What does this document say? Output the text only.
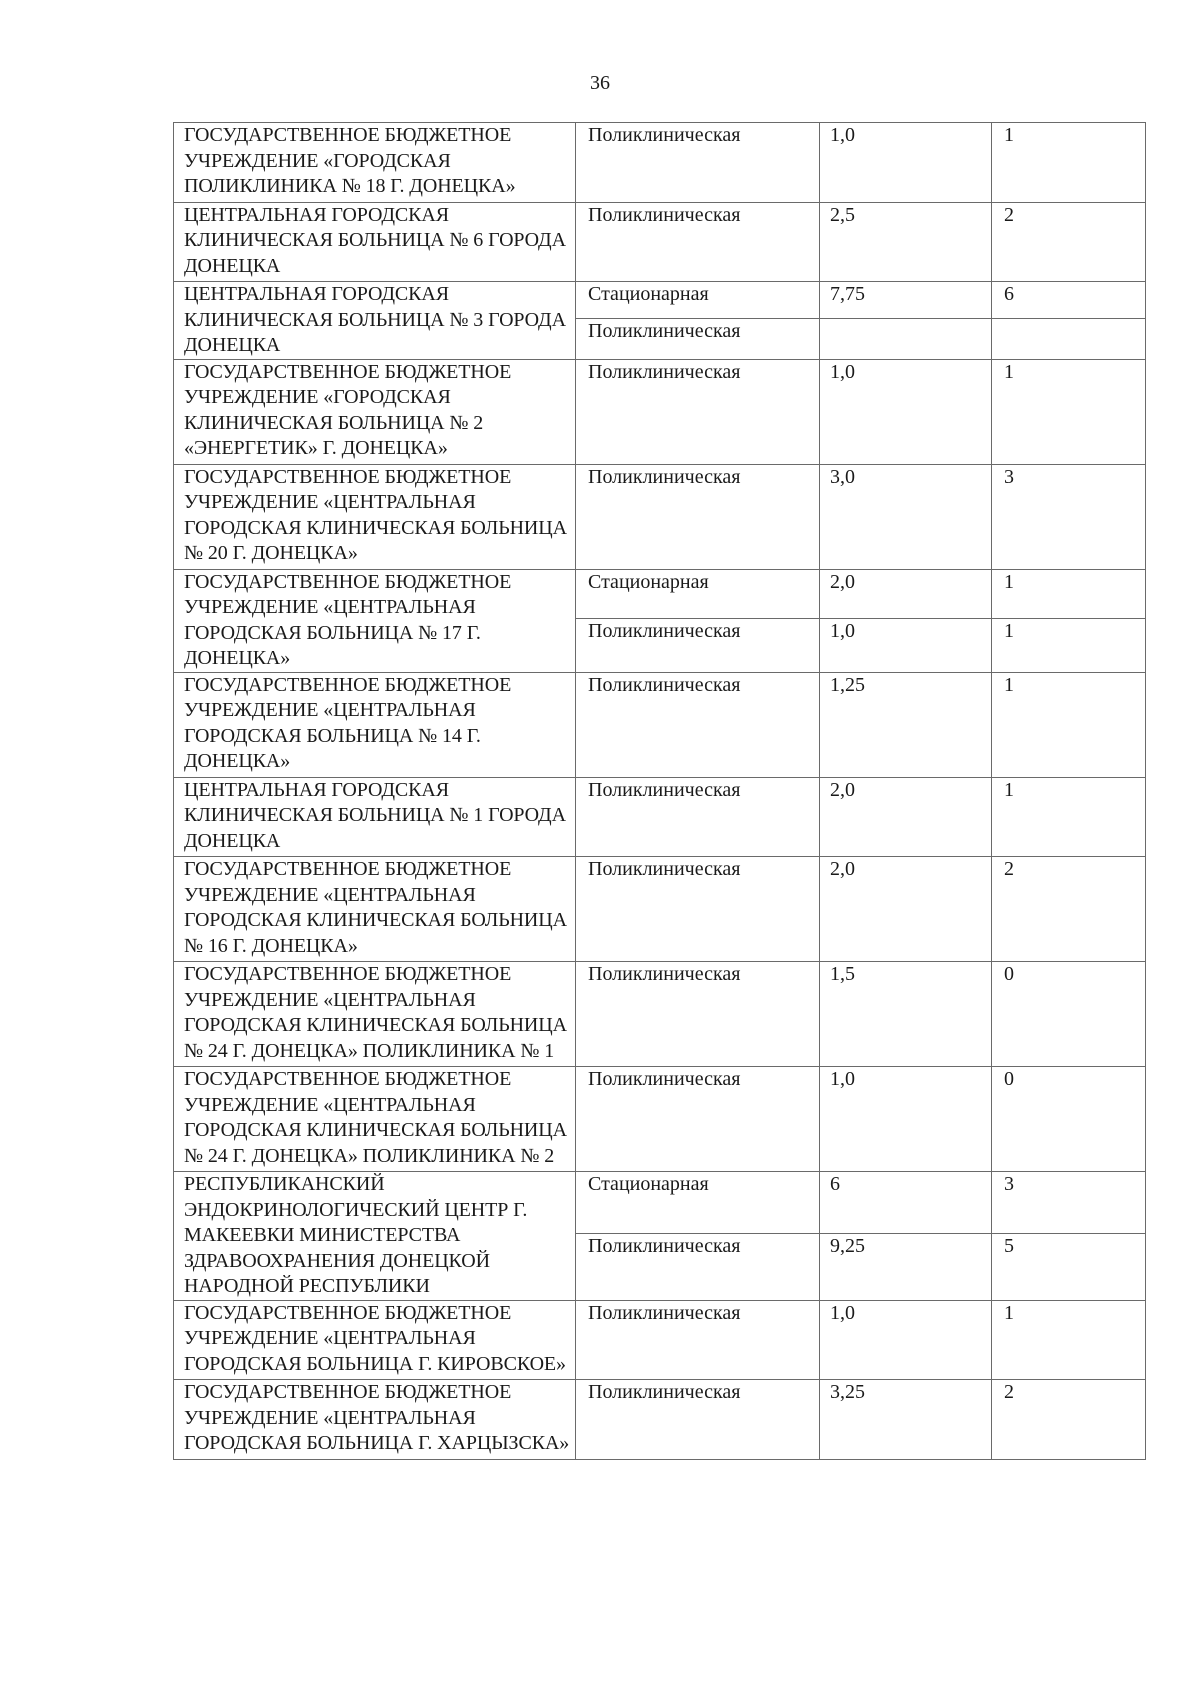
36
ГОСУДАРСТВЕННОЕ БЮДЖЕТНОЕ УЧРЕЖДЕНИЕ «ГОРОДСКАЯ ПОЛИКЛИНИКА № 18 Г. ДОНЕЦКА»	Поликлиническая	1,0	1
ЦЕНТРАЛЬНАЯ ГОРОДСКАЯ КЛИНИЧЕСКАЯ БОЛЬНИЦА № 6 ГОРОДА ДОНЕЦКА	Поликлиническая	2,5	2
ЦЕНТРАЛЬНАЯ ГОРОДСКАЯ КЛИНИЧЕСКАЯ БОЛЬНИЦА № 3 ГОРОДА ДОНЕЦКА	Стационарная	7,75	6
	Поликлиническая		
ГОСУДАРСТВЕННОЕ БЮДЖЕТНОЕ УЧРЕЖДЕНИЕ «ГОРОДСКАЯ КЛИНИЧЕСКАЯ БОЛЬНИЦА № 2 «ЭНЕРГЕТИК» Г. ДОНЕЦКА»	Поликлиническая	1,0	1
ГОСУДАРСТВЕННОЕ БЮДЖЕТНОЕ УЧРЕЖДЕНИЕ «ЦЕНТРАЛЬНАЯ ГОРОДСКАЯ КЛИНИЧЕСКАЯ БОЛЬНИЦА № 20 Г. ДОНЕЦКА»	Поликлиническая	3,0	3
ГОСУДАРСТВЕННОЕ БЮДЖЕТНОЕ УЧРЕЖДЕНИЕ «ЦЕНТРАЛЬНАЯ ГОРОДСКАЯ БОЛЬНИЦА № 17 Г. ДОНЕЦКА»	Стационарная	2,0	1
	Поликлиническая	1,0	1
ГОСУДАРСТВЕННОЕ БЮДЖЕТНОЕ УЧРЕЖДЕНИЕ «ЦЕНТРАЛЬНАЯ ГОРОДСКАЯ БОЛЬНИЦА № 14 Г. ДОНЕЦКА»	Поликлиническая	1,25	1
ЦЕНТРАЛЬНАЯ ГОРОДСКАЯ КЛИНИЧЕСКАЯ БОЛЬНИЦА № 1 ГОРОДА ДОНЕЦКА	Поликлиническая	2,0	1
ГОСУДАРСТВЕННОЕ БЮДЖЕТНОЕ УЧРЕЖДЕНИЕ «ЦЕНТРАЛЬНАЯ ГОРОДСКАЯ КЛИНИЧЕСКАЯ БОЛЬНИЦА № 16 Г. ДОНЕЦКА»	Поликлиническая	2,0	2
ГОСУДАРСТВЕННОЕ БЮДЖЕТНОЕ УЧРЕЖДЕНИЕ «ЦЕНТРАЛЬНАЯ ГОРОДСКАЯ КЛИНИЧЕСКАЯ БОЛЬНИЦА № 24 Г. ДОНЕЦКА» ПОЛИКЛИНИКА № 1	Поликлиническая	1,5	0
ГОСУДАРСТВЕННОЕ БЮДЖЕТНОЕ УЧРЕЖДЕНИЕ «ЦЕНТРАЛЬНАЯ ГОРОДСКАЯ КЛИНИЧЕСКАЯ БОЛЬНИЦА № 24 Г. ДОНЕЦКА» ПОЛИКЛИНИКА № 2	Поликлиническая	1,0	0
РЕСПУБЛИКАНСКИЙ ЭНДОКРИНОЛОГИЧЕСКИЙ ЦЕНТР Г. МАКЕЕВКИ МИНИСТЕРСТВА ЗДРАВООХРАНЕНИЯ ДОНЕЦКОЙ НАРОДНОЙ РЕСПУБЛИКИ	Стационарная	6	3
	Поликлиническая	9,25	5
ГОСУДАРСТВЕННОЕ БЮДЖЕТНОЕ УЧРЕЖДЕНИЕ «ЦЕНТРАЛЬНАЯ ГОРОДСКАЯ БОЛЬНИЦА Г. КИРОВСКОЕ»	Поликлиническая	1,0	1
ГОСУДАРСТВЕННОЕ БЮДЖЕТНОЕ УЧРЕЖДЕНИЕ «ЦЕНТРАЛЬНАЯ ГОРОДСКАЯ БОЛЬНИЦА Г. ХАРЦЫЗСКА»	Поликлиническая	3,25	2
